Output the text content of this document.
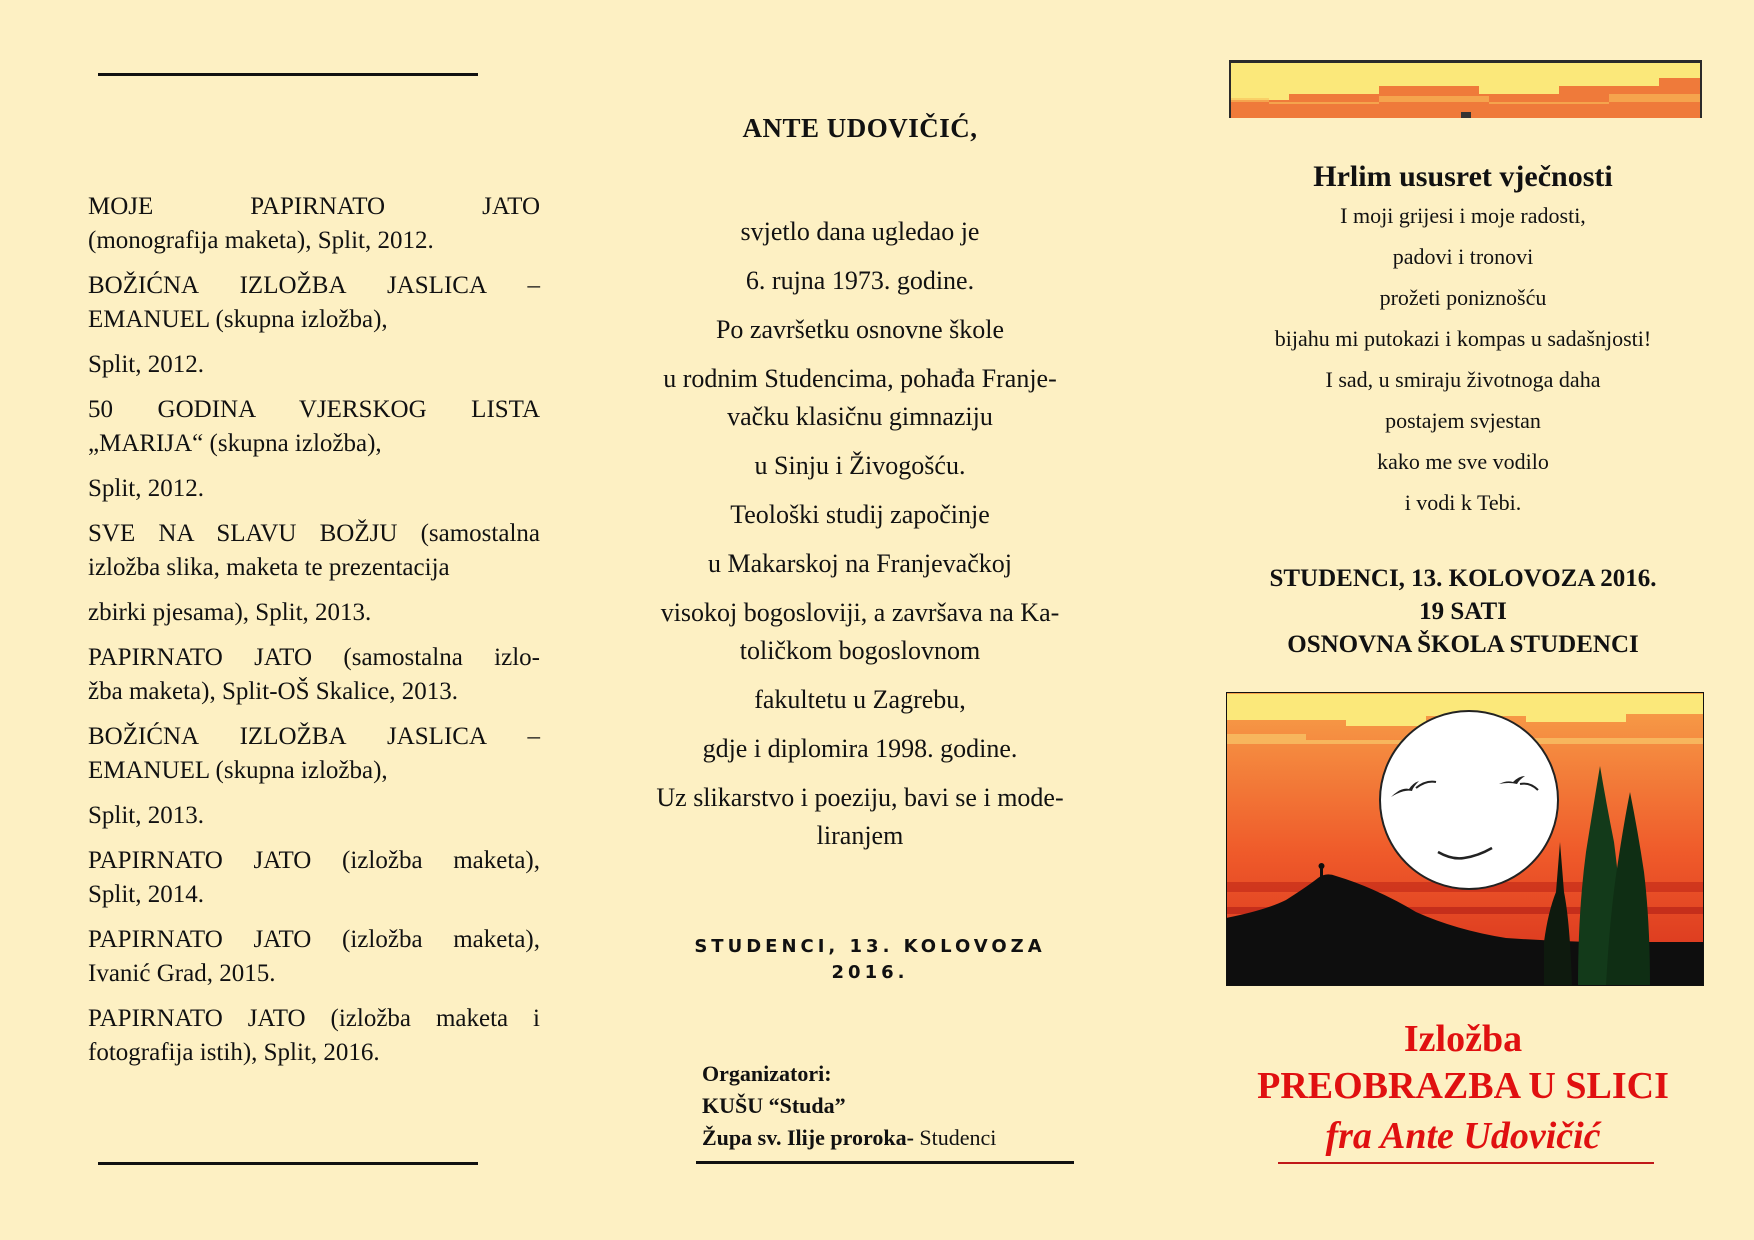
MOJE PAPIRNATO JATO
(monografija maketa), Split, 2012.
BOŽIĆNA IZLOŽBA JASLICA –
EMANUEL (skupna izložba),
Split, 2012.
50 GODINA VJERSKOG LISTA
„MARIJA“ (skupna izložba),
Split, 2012.
SVE NA SLAVU BOŽJU (samostalna
izložba slika, maketa te prezentacija
zbirki pjesama), Split, 2013.
PAPIRNATO JATO (samostalna izlo-
žba maketa), Split-OŠ Skalice, 2013.
BOŽIĆNA IZLOŽBA JASLICA –
EMANUEL (skupna izložba),
Split, 2013.
PAPIRNATO JATO (izložba maketa),
Split, 2014.
PAPIRNATO JATO (izložba maketa),
Ivanić Grad, 2015.
PAPIRNATO JATO (izložba maketa i
fotografija istih), Split, 2016.
ANTE UDOVIČIĆ,
svjetlo dana ugledao je
6. rujna 1973. godine.
Po završetku osnovne škole
u rodnim Studencima, pohađa Franje-
vačku klasičnu gimnaziju
u Sinju i Živogošću.
Teološki studij započinje
u Makarskoj na Franjevačkoj
visokoj bogosloviji, a završava na Ka-
toličkom bogoslovnom
fakultetu u Zagrebu,
gdje i diplomira 1998. godine.
Uz slikarstvo i poeziju, bavi se i mode-
liranjem
STUDENCI, 13. KOLOVOZA
2016.
Organizatori:
KUŠU “Studa”
Župa sv. Ilije proroka- Studenci
Hrlim ususret vječnosti
I moji grijesi i moje radosti,
padovi i tronovi
prožeti poniznošću
bijahu mi putokazi i kompas u sadašnjosti!
I sad, u smiraju životnoga daha
postajem svjestan
kako me sve vodilo
i vodi k Tebi.
STUDENCI, 13. KOLOVOZA 2016.
19 SATI
OSNOVNA ŠKOLA STUDENCI
Izložba
PREOBRAZBA U SLICI
fra Ante Udovičić
